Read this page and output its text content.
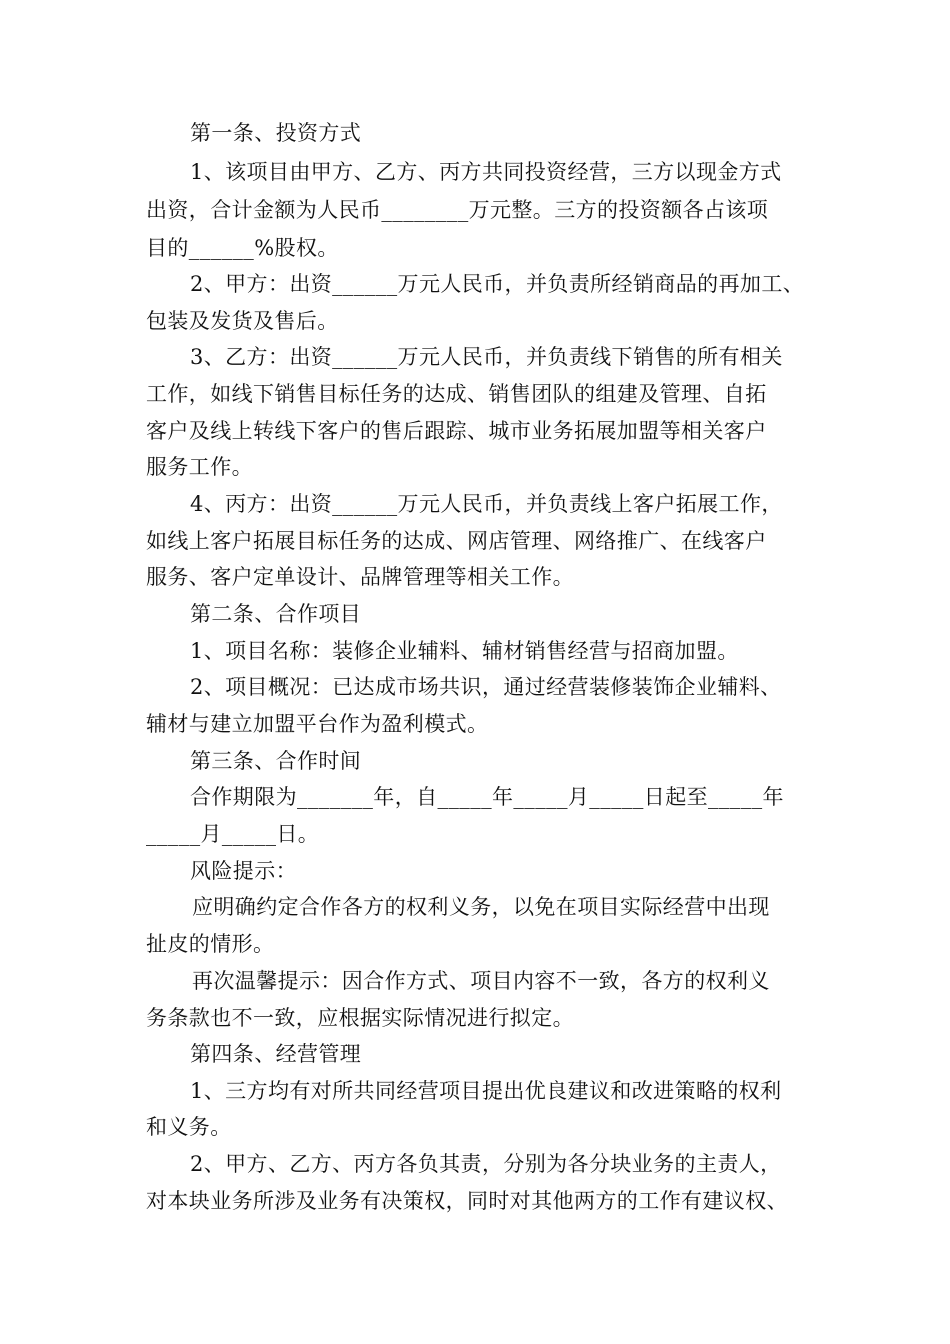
第一条、投资方式
1、该项目由甲方、乙方、丙方共同投资经营，三方以现金方式
出资，合计金额为人民币________万元整。三方的投资额各占该项
目的______%股权。
2、甲方：出资______万元人民币，并负责所经销商品的再加工、
包装及发货及售后。
3、乙方：出资______万元人民币，并负责线下销售的所有相关
工作，如线下销售目标任务的达成、销售团队的组建及管理、自拓
客户及线上转线下客户的售后跟踪、城市业务拓展加盟等相关客户
服务工作。
4、丙方：出资______万元人民币，并负责线上客户拓展工作，
如线上客户拓展目标任务的达成、网店管理、网络推广、在线客户
服务、客户定单设计、品牌管理等相关工作。
第二条、合作项目
1、项目名称：装修企业辅料、辅材销售经营与招商加盟。
2、项目概况：已达成市场共识，通过经营装修装饰企业辅料、
辅材与建立加盟平台作为盈利模式。
第三条、合作时间
合作期限为_______年，自_____年_____月_____日起至_____年
_____月_____日。
风险提示：
应明确约定合作各方的权利义务，以免在项目实际经营中出现
扯皮的情形。
再次温馨提示：因合作方式、项目内容不一致，各方的权利义
务条款也不一致，应根据实际情况进行拟定。
第四条、经营管理
1、三方均有对所共同经营项目提出优良建议和改进策略的权利
和义务。
2、甲方、乙方、丙方各负其责，分别为各分块业务的主责人，
对本块业务所涉及业务有决策权，同时对其他两方的工作有建议权、
